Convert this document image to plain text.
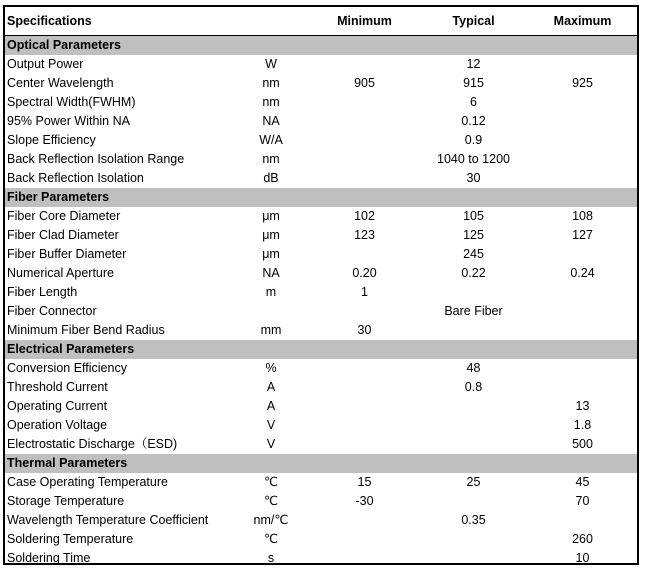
Specifications		Minimum	Typical	Maximum
Optical Parameters				
Output Power	W		12	
Center Wavelength	nm	905	915	925
Spectral Width(FWHM)	nm		6	
95% Power Within NA	NA		0.12	
Slope Efficiency	W/A		0.9	
Back Reflection Isolation Range	nm		1040 to 1200	
Back Reflection Isolation	dB		30	
Fiber Parameters				
Fiber Core Diameter	μm	102	105	108
Fiber Clad Diameter	μm	123	125	127
Fiber Buffer Diameter	μm		245	
Numerical Aperture	NA	0.20	0.22	0.24
Fiber Length	m	1		
Fiber Connector			Bare Fiber	
Minimum Fiber Bend Radius	mm	30		
Electrical Parameters				
Conversion Efficiency	%		48	
Threshold Current	A		0.8	
Operating Current	A			13
Operation Voltage	V			1.8
Electrostatic Discharge（ESD)	V			500
Thermal Parameters				
Case Operating Temperature	℃	15	25	45
Storage Temperature	℃	-30		70
Wavelength Temperature Coefficient	nm/℃		0.35	
Soldering Temperature	℃			260
Soldering Time	s			10
